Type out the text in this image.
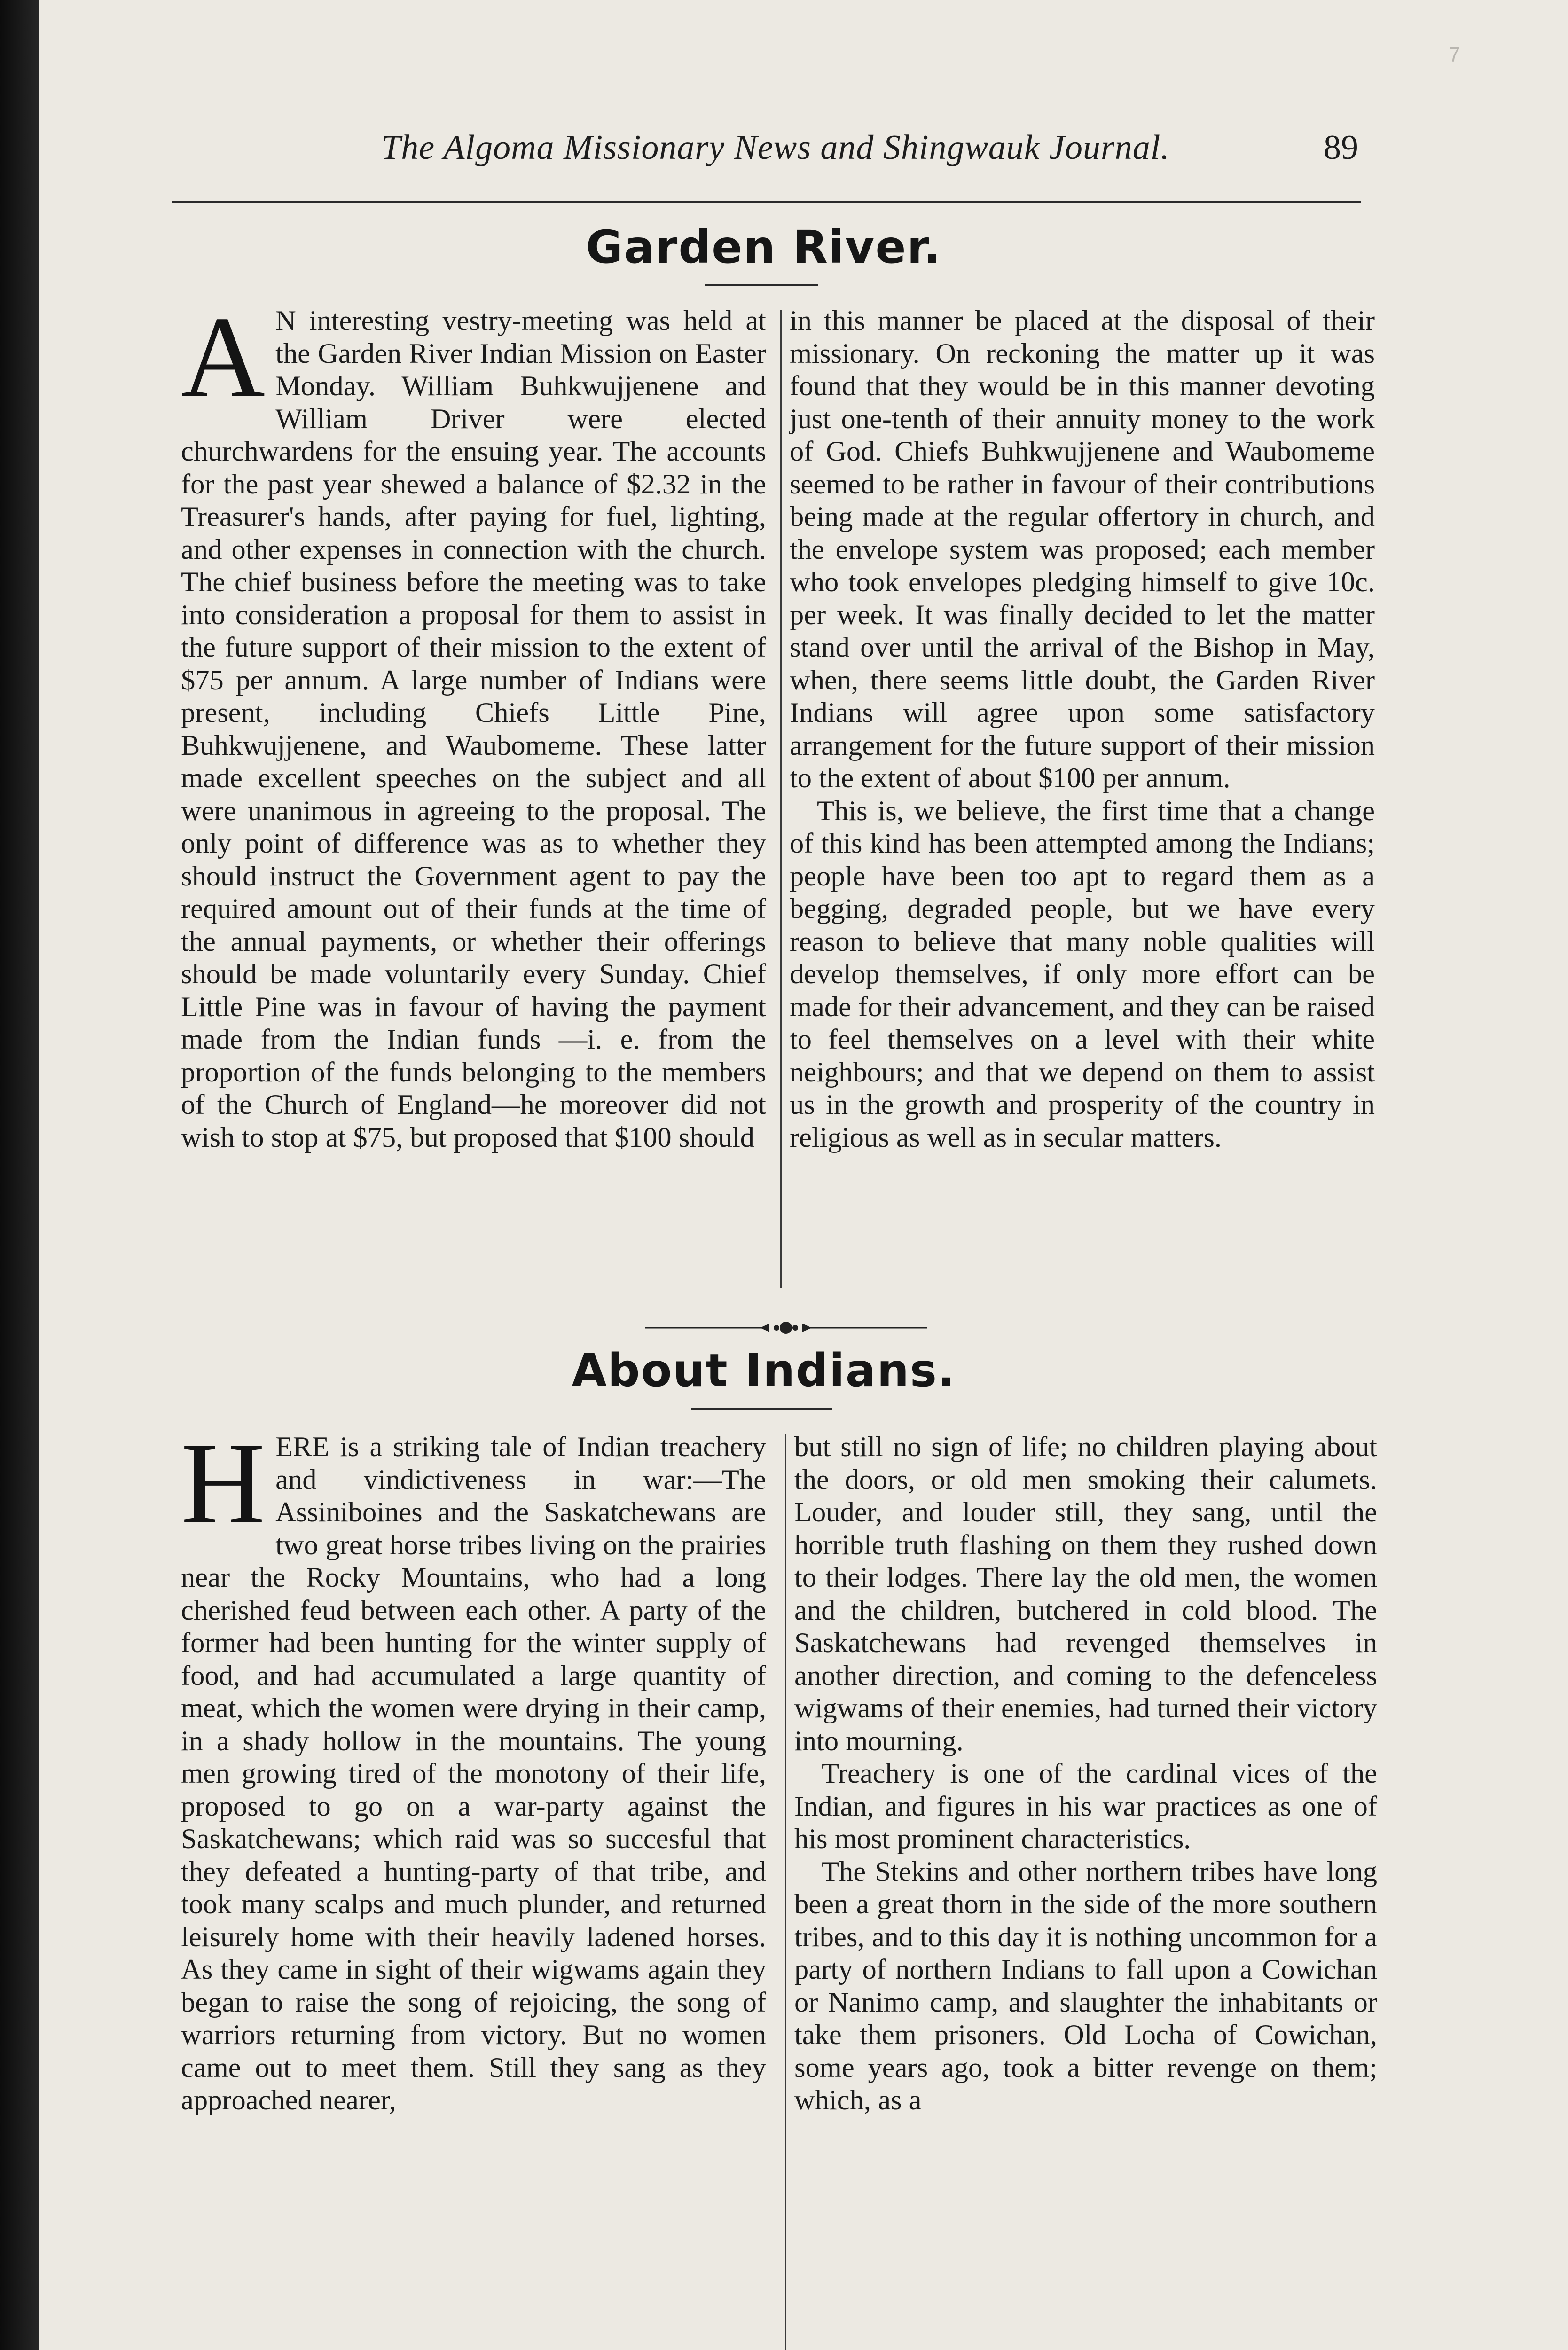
7
The Algoma Missionary News and Shingwauk Journal.	89
Garden River.
A N interesting vestry-meeting was held at the Garden River Indian Mission on Easter Monday. William Buhkwujjenene and William Driver were elected churchwardens for the ensuing year. The accounts for the past year shewed a balance of $2.32 in the Treasurer's hands, after paying for fuel, lighting, and other expenses in connection with the church. The chief business before the meeting was to take into consideration a proposal for them to assist in the future support of their mission to the extent of $75 per annum. A large number of Indians were present, including Chiefs Little Pine, Buhkwujjenene, and Waubomeme. These latter made excellent speeches on the subject and all were unanimous in agreeing to the proposal. The only point of difference was as to whether they should instruct the Government agent to pay the required amount out of their funds at the time of the annual payments, or whether their offerings should be made voluntarily every Sunday. Chief Little Pine was in favour of having the payment made from the Indian funds —i. e. from the proportion of the funds belonging to the members of the Church of England—he moreover did not wish to stop at $75, but proposed that $100 should

in this manner be placed at the disposal of their missionary. On reckoning the matter up it was found that they would be in this manner devoting just one-tenth of their annuity money to the work of God. Chiefs Buhkwujjenene and Waubomeme seemed to be rather in favour of their contributions being made at the regular offertory in church, and the envelope system was proposed; each member who took envelopes pledging himself to give 10c. per week. It was finally decided to let the matter stand over until the arrival of the Bishop in May, when, there seems little doubt, the Garden River Indians will agree upon some satisfactory arrangement for the future support of their mission to the extent of about $100 per annum.

This is, we believe, the first time that a change of this kind has been attempted among the Indians; people have been too apt to regard them as a begging, degraded people, but we have every reason to believe that many noble qualities will develop themselves, if only more effort can be made for their advancement, and they can be raised to feel themselves on a level with their white neighbours; and that we depend on them to assist us in the growth and prosperity of the country in religious as well as in secular matters.

About Indians.
H ERE is a striking tale of Indian treachery and vindictiveness in war:—The Assiniboines and the Saskatchewans are two great horse tribes living on the prairies near the Rocky Mountains, who had a long cherished feud between each other. A party of the former had been hunting for the winter supply of food, and had accumulated a large quantity of meat, which the women were drying in their camp, in a shady hollow in the mountains. The young men growing tired of the monotony of their life, proposed to go on a war-party against the Saskatchewans; which raid was so succesful that they defeated a hunting-party of that tribe, and took many scalps and much plunder, and returned leisurely home with their heavily ladened horses. As they came in sight of their wigwams again they began to raise the song of rejoicing, the song of warriors returning from victory. But no women came out to meet them. Still they sang as they approached nearer,

but still no sign of life; no children playing about the doors, or old men smoking their calumets. Louder, and louder still, they sang, until the horrible truth flashing on them they rushed down to their lodges. There lay the old men, the women and the children, butchered in cold blood. The Saskatchewans had revenged themselves in another direction, and coming to the defenceless wigwams of their enemies, had turned their victory into mourning.

Treachery is one of the cardinal vices of the Indian, and figures in his war practices as one of his most prominent characteristics.

The Stekins and other northern tribes have long been a great thorn in the side of the more southern tribes, and to this day it is nothing uncommon for a party of northern Indians to fall upon a Cowichan or Nanimo camp, and slaughter the inhabitants or take them prisoners. Old Locha of Cowichan, some years ago, took a bitter revenge on them; which, as a
